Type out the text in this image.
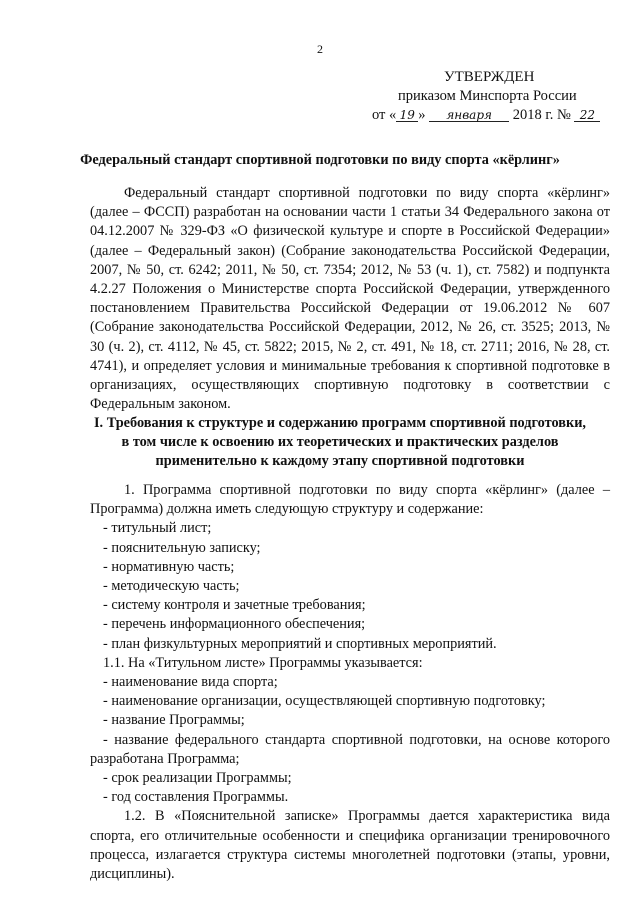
2
УТВЕРЖДЕН
приказом Минспорта России
от « 19 » января 2018 г. № 22
Федеральный стандарт спортивной подготовки по виду спорта «кёрлинг»

Федеральный стандарт спортивной подготовки по виду спорта «кёрлинг» (далее – ФССП) разработан на основании части 1 статьи 34 Федерального закона от 04.12.2007 № 329-ФЗ «О физической культуре и спорте в Российской Федерации» (далее – Федеральный закон) (Собрание законодательства Российской Федерации, 2007, № 50, ст. 6242; 2011, № 50, ст. 7354; 2012, № 53 (ч. 1), ст. 7582) и подпункта 4.2.27 Положения о Министерстве спорта Российской Федерации, утвержденного постановлением Правительства Российской Федерации от 19.06.2012 № 607 (Собрание законодательства Российской Федерации, 2012, № 26, ст. 3525; 2013, № 30 (ч. 2), ст. 4112, № 45, ст. 5822; 2015, № 2, ст. 491, № 18, ст. 2711; 2016, № 28, ст. 4741), и определяет условия и минимальные требования к спортивной подготовке в организациях, осуществляющих спортивную подготовку в соответствии с Федеральным законом.

I. Требования к структуре и содержанию программ спортивной подготовки,
в том числе к освоению их теоретических и практических разделов
применительно к каждому этапу спортивной подготовки

1. Программа спортивной подготовки по виду спорта «кёрлинг» (далее – Программа) должна иметь следующую структуру и содержание:

- титульный лист;

- пояснительную записку;

- нормативную часть;

- методическую часть;

- систему контроля и зачетные требования;

- перечень информационного обеспечения;

- план физкультурных мероприятий и спортивных мероприятий.

1.1. На «Титульном листе» Программы указывается:

- наименование вида спорта;

- наименование организации, осуществляющей спортивную подготовку;

- название Программы;

- название федерального стандарта спортивной подготовки, на основе которого разработана Программа;

- срок реализации Программы;

- год составления Программы.

1.2. В «Пояснительной записке» Программы дается характеристика вида спорта, его отличительные особенности и специфика организации тренировочного процесса, излагается структура системы многолетней подготовки (этапы, уровни, дисциплины).
